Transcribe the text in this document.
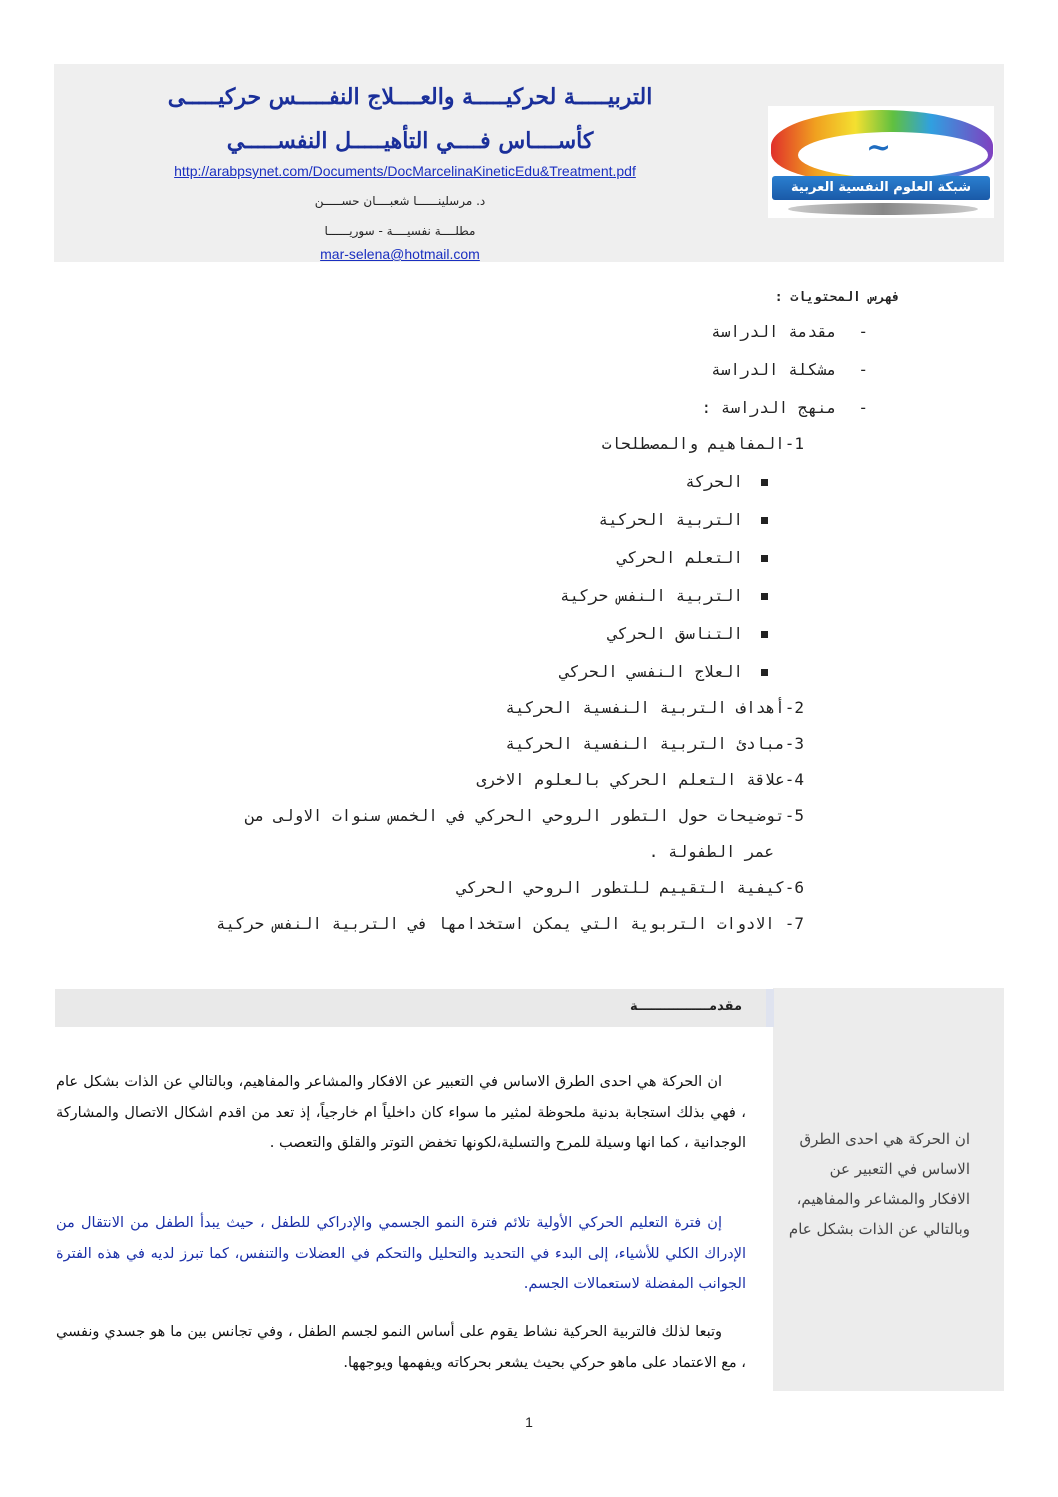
~
شبكة العلوم النفسية العربية
التربيـــــة لحركيـــــة والعــــلاج النفـــــس حركيـــــى
كأســــاس فــــي التأهيـــــل النفســـــي
http://arabpsynet.com/Documents/DocMarcelinaKineticEdu&Treatment.pdf
د. مرسلينــــــا شعبــــان حســـــن
مطلــــة نفسيــــة - سوريــــــا
mar-selena@hotmail.com
فهرس المحتويات :
-مقدمة الدراسة
-مشكلة الدراسة
-منهج الدراسة :
1-المفاهيم والمصطلحات
الحركة
التربية الحركية
التعلم الحركي
التربية النفس حركية
التناسق الحركي
العلاج النفسي الحركي
2-أهداف التربية النفسية الحركية
3-مبادئ التربية النفسية الحركية
4-علاقة التعلم الحركي بالعلوم الاخرى
5-توضيحات حول التطور الروحي الحركي في الخمس سنوات الاولى من
عمر الطفولة .
6-كيفية التقييم للتطور الروحي الحركي
7-الادوات التربوية التي يمكن استخدامها في التربية النفس حركية
ان الحركة هي احدى الطرق الاساس في التعبير عن الافكار والمشاعر والمفاهيم، وبالتالي عن الذات بشكل عام
مقدمــــــــــــــــة
ان الحركة هي احدى الطرق الاساس في التعبير عن الافكار والمشاعر والمفاهيم، وبالتالي عن الذات بشكل عام ، فهي بذلك استجابة بدنية ملحوظة لمثير ما سواء كان داخلياً ام خارجياً، إذ تعد من اقدم اشكال الاتصال والمشاركة الوجدانية ، كما انها وسيلة للمرح والتسلية،لكونها تخفض التوتر والقلق والتعصب .
إن فترة التعليم الحركي الأولية تلائم فترة النمو الجسمي والإدراكي للطفل ، حيث يبدأ الطفل من الانتقال من الإدراك الكلي للأشياء، إلى البدء في التحديد والتحليل والتحكم في العضلات والتنفس، كما تبرز لديه في هذه الفترة الجوانب المفضلة لاستعمالات الجسم.
وتبعا لذلك فالتربية الحركية نشاط يقوم على أساس النمو لجسم الطفل ، وفي تجانس بين ما هو جسدي ونفسي ، مع الاعتماد على ماهو حركي بحيث يشعر بحركاته ويفهمها ويوجهها.
1
